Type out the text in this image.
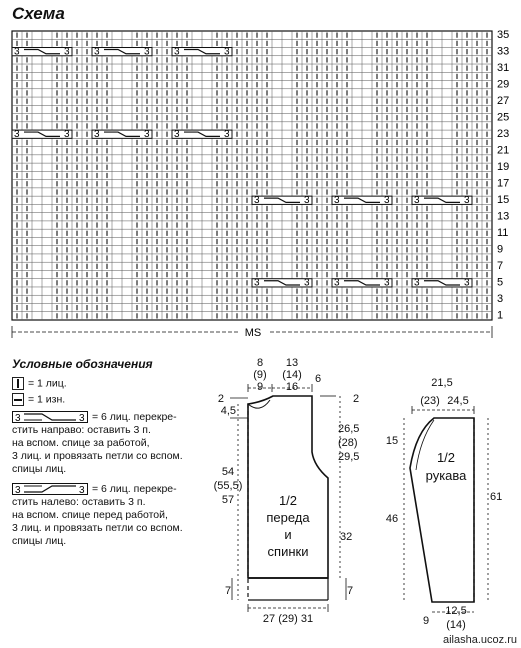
3	3 3	3 3	3
3	3 3	3 3	3
3	3 3	3 3	3
3	3 3	3 3	3
35
33
31
29
27
25
23
21
19
17
15
13
11
9
7
5
3
1
MS
Схема
Условные обозначения
= 1 лиц.
= 1 изн.
3	3 = 6 лиц. перекре-
стить направо: оставить 3 п.
на вспом. спице за работой,
3 лиц. и провязать петли со вспом.
спицы лиц.
3	3 = 6 лиц. перекре-
стить налево: оставить 3 п.
на вспом. спице перед работой,
3 лиц. и провязать петли со вспом.
спицы лиц.
8
(9)
9
13
(14)
16
6
2
4,5
2
26,5
(28)
29,5
54
(55,5)
57
32
7	7
27 (29) 31
1/2
переда
и
спинки
21,5
(23) 24,5
15
46
61
9
12,5
(14)
1/2
рукава
ailasha.ucoz.ru
